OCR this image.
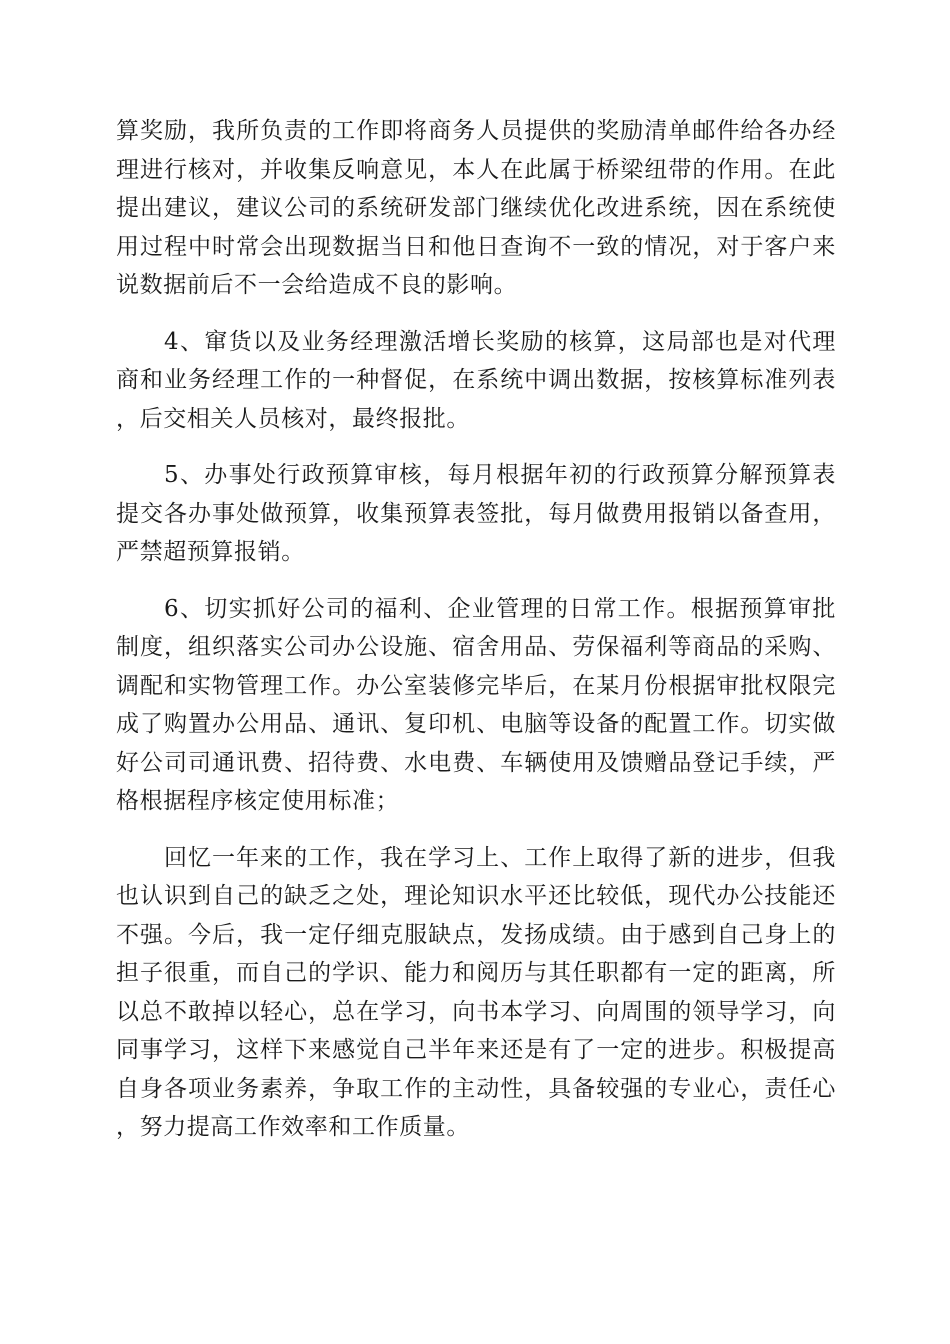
算奖励，我所负责的工作即将商务人员提供的奖励清单邮件给各办经理进行核对，并收集反响意见，本人在此属于桥梁纽带的作用。在此提出建议，建议公司的系统研发部门继续优化改进系统，因在系统使用过程中时常会出现数据当日和他日查询不一致的情况，对于客户来说数据前后不一会给造成不良的影响。

4、窜货以及业务经理激活增长奖励的核算，这局部也是对代理商和业务经理工作的一种督促，在系统中调出数据，按核算标准列表，后交相关人员核对，最终报批。

5、办事处行政预算审核，每月根据年初的行政预算分解预算表提交各办事处做预算，收集预算表签批，每月做费用报销以备查用，严禁超预算报销。

6、切实抓好公司的福利、企业管理的日常工作。根据预算审批制度，组织落实公司办公设施、宿舍用品、劳保福利等商品的采购、调配和实物管理工作。办公室装修完毕后，在某月份根据审批权限完成了购置办公用品、通讯、复印机、电脑等设备的配置工作。切实做好公司司通讯费、招待费、水电费、车辆使用及馈赠品登记手续，严格根据程序核定使用标准；

回忆一年来的工作，我在学习上、工作上取得了新的进步，但我也认识到自己的缺乏之处，理论知识水平还比较低，现代办公技能还不强。今后，我一定仔细克服缺点，发扬成绩。由于感到自己身上的担子很重，而自己的学识、能力和阅历与其任职都有一定的距离，所以总不敢掉以轻心，总在学习，向书本学习、向周围的领导学习，向同事学习，这样下来感觉自己半年来还是有了一定的进步。积极提高自身各项业务素养，争取工作的主动性，具备较强的专业心，责任心，努力提高工作效率和工作质量。
